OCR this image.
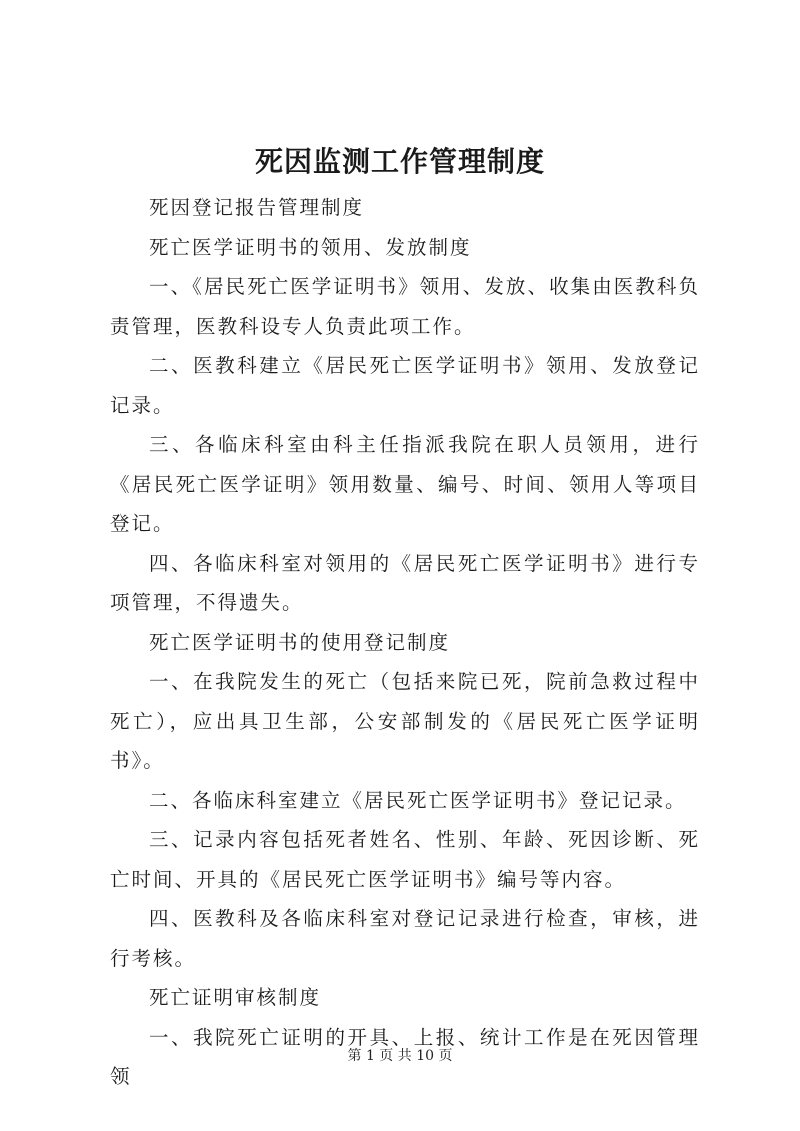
死因监测工作管理制度

死因登记报告管理制度

死亡医学证明书的领用、发放制度

一、《居民死亡医学证明书》领用、发放、收集由医教科负责管理，医教科设专人负责此项工作。

二、医教科建立《居民死亡医学证明书》领用、发放登记记录。

三、各临床科室由科主任指派我院在职人员领用，进行《居民死亡医学证明》领用数量、编号、时间、领用人等项目登记。

四、各临床科室对领用的《居民死亡医学证明书》进行专项管理，不得遗失。

死亡医学证明书的使用登记制度

一、在我院发生的死亡（包括来院已死，院前急救过程中死亡），应出具卫生部，公安部制发的《居民死亡医学证明书》。

二、各临床科室建立《居民死亡医学证明书》登记记录。

三、记录内容包括死者姓名、性别、年龄、死因诊断、死亡时间、开具的《居民死亡医学证明书》编号等内容。

四、医教科及各临床科室对登记记录进行检查，审核，进行考核。

死亡证明审核制度

一、我院死亡证明的开具、上报、统计工作是在死因管理领

第 1 页 共 10 页
